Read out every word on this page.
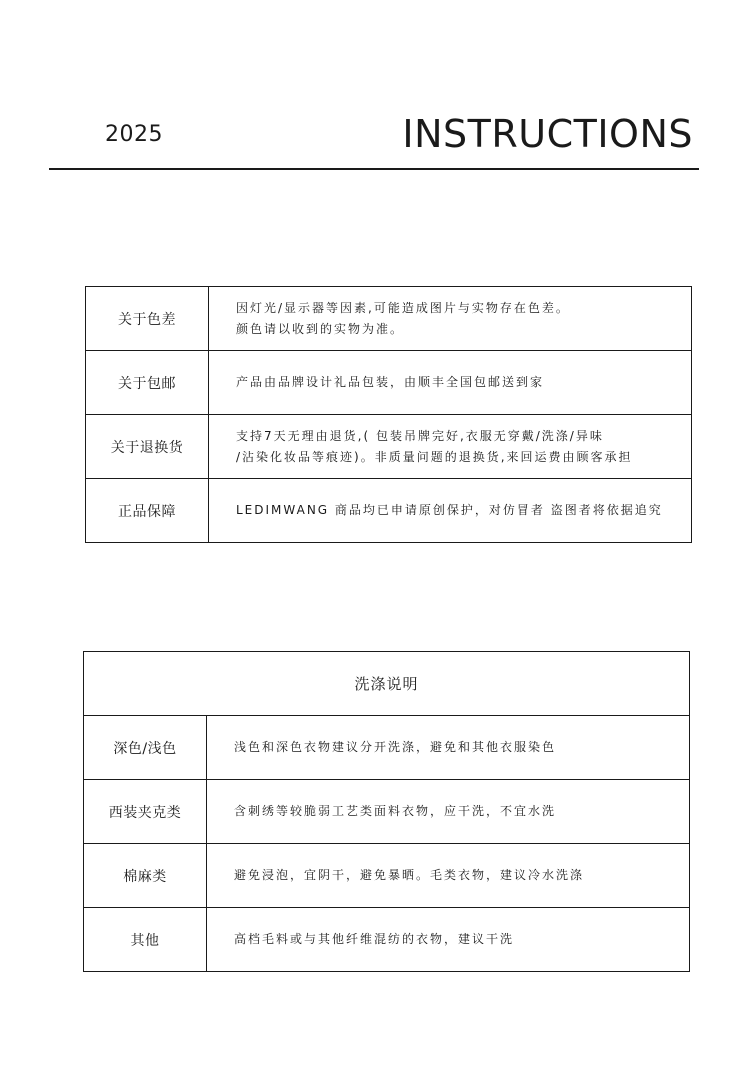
2025	INSTRUCTIONS
关于色差	因灯光/显示器等因素,可能造成图片与实物存在色差。
颜色请以收到的实物为准。

关于包邮	产品由品牌设计礼品包装，由顺丰全国包邮送到家

关于退换货	支持7天无理由退货,( 包装吊牌完好,衣服无穿戴/洗涤/异味
/沾染化妆品等痕迹)。非质量问题的退换货,来回运费由顾客承担

正品保障	LEDIMWANG 商品均已申请原创保护，对仿冒者 盗图者将依据追究
洗涤说明	
深色/浅色	浅色和深色衣物建议分开洗涤，避免和其他衣服染色

西装夹克类	含刺绣等较脆弱工艺类面料衣物，应干洗，不宜水洗

棉麻类	避免浸泡，宜阴干，避免暴晒。毛类衣物，建议冷水洗涤

其他	高档毛料或与其他纤维混纺的衣物，建议干洗
